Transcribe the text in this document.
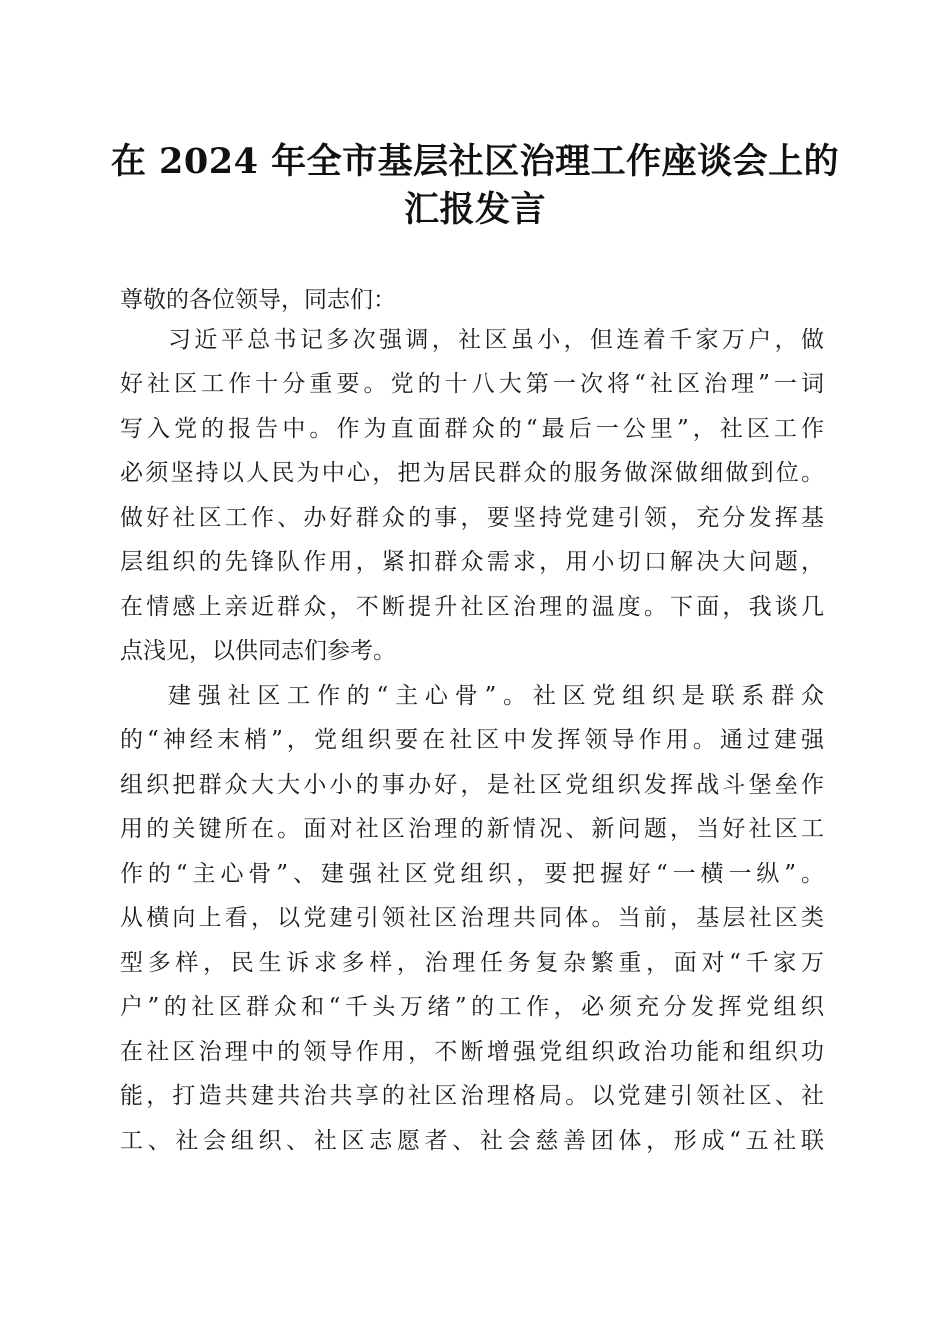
在 2024 年全市基层社区治理工作座谈会上的
汇报发言
尊敬的各位领导，同志们：
习近平总书记多次强调，社区虽小，但连着千家万户，做
好社区工作十分重要。党的十八大第一次将“社区治理”一词
写入党的报告中。作为直面群众的“最后一公里”，社区工作
必须坚持以人民为中心，把为居民群众的服务做深做细做到位。
做好社区工作、办好群众的事，要坚持党建引领，充分发挥基
层组织的先锋队作用，紧扣群众需求，用小切口解决大问题，
在情感上亲近群众，不断提升社区治理的温度。下面，我谈几
点浅见，以供同志们参考。
建强社区工作的“主心骨”。社区党组织是联系群众
的“神经末梢”，党组织要在社区中发挥领导作用。通过建强
组织把群众大大小小的事办好，是社区党组织发挥战斗堡垒作
用的关键所在。面对社区治理的新情况、新问题，当好社区工
作的“主心骨”、建强社区党组织，要把握好“一横一纵”。
从横向上看，以党建引领社区治理共同体。当前，基层社区类
型多样，民生诉求多样，治理任务复杂繁重，面对“千家万
户”的社区群众和“千头万绪”的工作，必须充分发挥党组织
在社区治理中的领导作用，不断增强党组织政治功能和组织功
能，打造共建共治共享的社区治理格局。以党建引领社区、社
工、社会组织、社区志愿者、社会慈善团体，形成“五社联
